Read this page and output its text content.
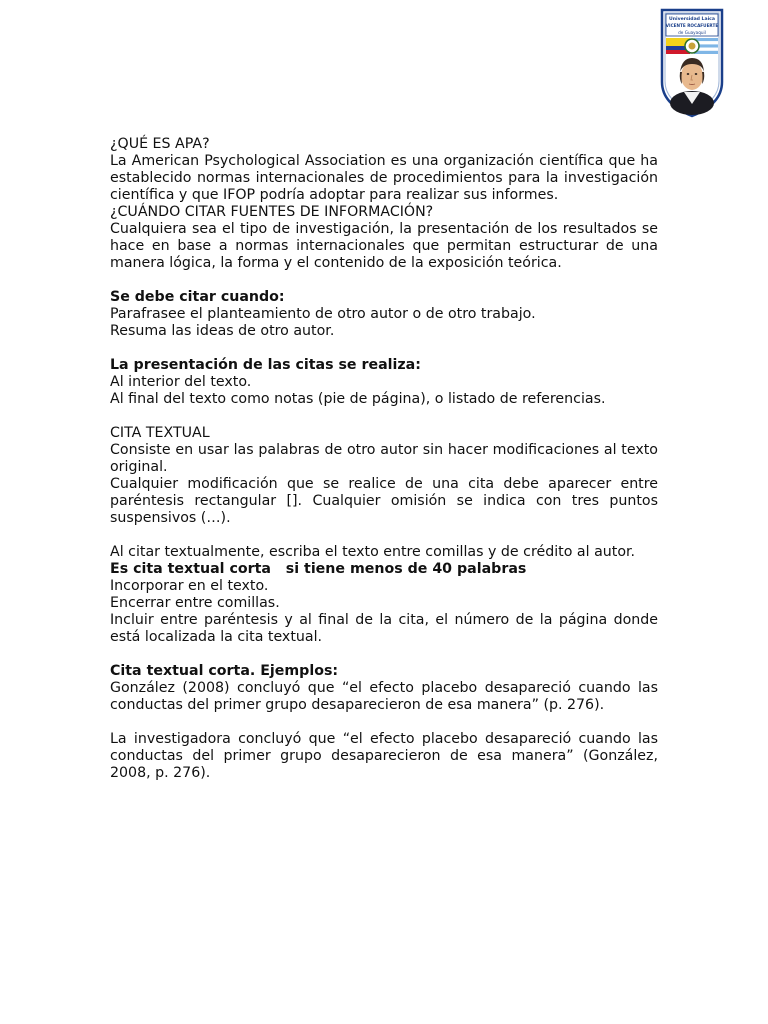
Universidad Laica
VICENTE ROCAFUERTE
de Guayaquil

¿QUÉ ES APA?

La American Psychological Association es una organización científica que ha establecido normas internacionales de procedimientos para la investigación científica y que IFOP podría adoptar para realizar sus informes.

¿CUÁNDO CITAR FUENTES DE INFORMACIÓN?

Cualquiera sea el tipo de investigación, la presentación de los resultados se hace en base a normas internacionales que permitan estructurar de una manera lógica, la forma y el contenido de la exposición teórica.

Se debe citar cuando:

Parafrasee el planteamiento de otro autor o de otro trabajo.

Resuma las ideas de otro autor.

La presentación de las citas se realiza:

Al interior del texto.

Al final del texto como notas (pie de página), o listado de referencias.

CITA TEXTUAL

Consiste en usar las palabras de otro autor sin hacer modificaciones al texto original.

Cualquier modificación que se realice de una cita debe aparecer entre paréntesis rectangular []. Cualquier omisión se indica con tres puntos suspensivos (…).

Al citar textualmente, escriba el texto entre comillas y de crédito al autor.

Es cita textual corta   si tiene menos de 40 palabras

Incorporar en el texto.

Encerrar entre comillas.

Incluir entre paréntesis y al final de la cita, el número de la página donde está localizada la cita textual.

Cita textual corta. Ejemplos:

González (2008) concluyó que “el efecto placebo desapareció cuando las conductas del primer grupo desaparecieron de esa manera” (p. 276).

La investigadora concluyó que “el efecto placebo desapareció cuando las conductas del primer grupo desaparecieron de esa manera” (González, 2008, p. 276).
